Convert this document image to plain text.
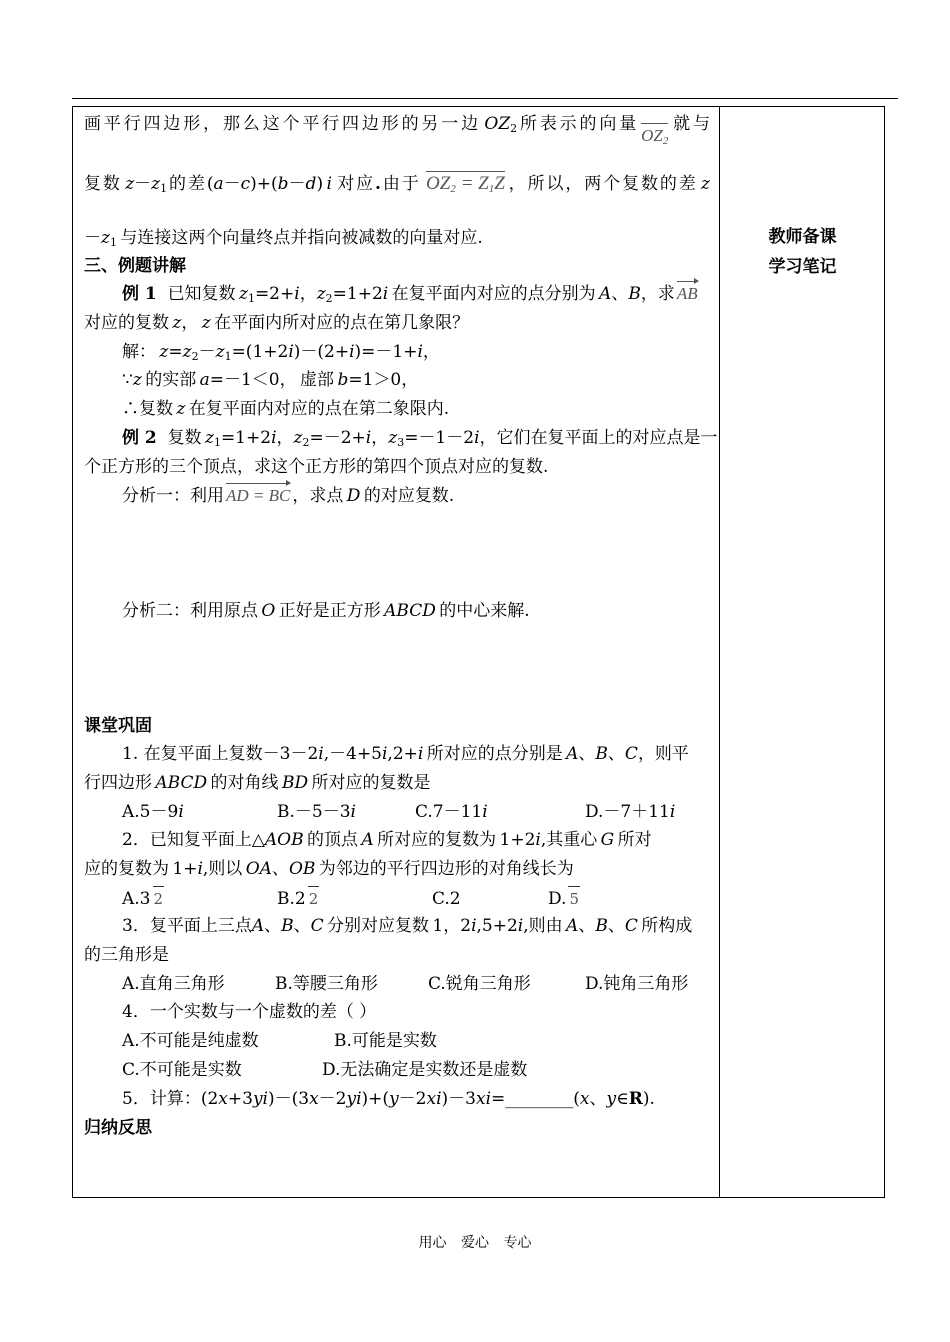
教师备课
学习笔记
画平行四边形，那么这个平行四边形的另一边  $OZ_2$所表示的向量$OZ_2$就与
复数  $z-z_1$的差(a－c)+(b－d) i  对应.由于  $OZ_2 = Z_1Z$ ，所以，两个复数的差  z
$-z_1$  与连接这两个向量终点并指向被减数的向量对应.
三、例题讲解
例 1 已知复数  $z_1=2+i$，$z_2=1+2i$  在复平面内对应的点分别为  A、B，求 AB
对应的复数  z， z  在平面内所对应的点在第几象限？
解：  $z=z_2-z_1=(1+2i)-(2+i)=-1+i$，
∵z  的实部  a=－1＜0， 虚部  b=1＞0，
∴复数  z  在复平面内对应的点在第二象限内.
例 2 复数  $z_1=1+2i$，$z_2=-2+i$，$z_3=-1-2i$，它们在复平面上的对应点是一
个正方形的三个顶点，求这个正方形的第四个顶点对应的复数.
分析一：利用 AD = BC ，求点  D  的对应复数.
分析二：利用原点  O  正好是正方形  ABCD  的中心来解.
课堂巩固
1. 在复平面上复数－3－2i,－4+5i,2+i  所对应的点分别是  A、B、C，则平
行四边形  ABCD  的对角线  BD  所对应的复数是
A.5－9i	B.－5－3i	C.7－11i	D.－7＋11i
2．已知复平面上△AOB  的顶点  A  所对应的复数为 1+2i,其重心  G  所对
应的复数为 1+i,则以  OA、OB  为邻边的平行四边形的对角线长为
A.3 2	B.2 2	C.2	D. 5
3．复平面上三点A、B、C  分别对应复数 1，2i,5+2i,则由  A、B、C  所构成
的三角形是
A.直角三角形	B.等腰三角形	C.锐角三角形	D.钝角三角形
4．一个实数与一个虚数的差（ ）
A.不可能是纯虚数	B.可能是实数
C.不可能是实数	D.无法确定是实数还是虚数
5．计算：(2x+3yi)－(3x－2yi)+(y－2xi)－3xi=________(x、y∈R).
归纳反思
用心 爱心 专心
